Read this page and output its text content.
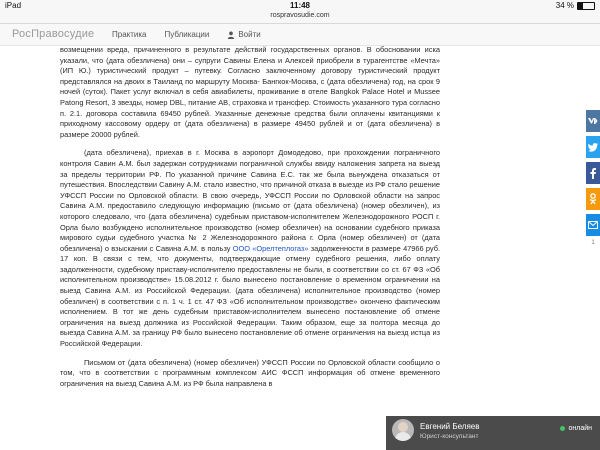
iPad	11:48	34 %
rospravosudie.com
РосПравосудие Практика Публикации	Войти

возмещении вреда, причиненного в результате действий государственных органов. В обосновании иска указали, что (дата обезличена) они – супруги Савины Елена и Алексей приобрели в турагентстве «Мечта» (ИП Ю.) туристический продукт – путевку. Согласно заключенному договору туристический продукт представлялся на двоих в Таиланд по маршруту Москва- Бангкок-Москва, с (дата обезличена) год, на срок 9 ночей (суток). Пакет услуг включал в себя авиабилеты, проживание в отеле Bangkok Palace Hotel и Mussee Patong Resort, 3 звезды, номер DBL, питание АВ, страховка и трансфер. Стоимость указанного тура согласно п. 2.1. договора составила 69450 рублей. Указанные денежные средства были оплачены квитанциями к приходному кассовому ордеру от (дата обезличена) в размере 49450 рублей и от (дата обезличена) в размере 20000 рублей.

(дата обезличена), приехав в г. Москва в аэропорт Домодедово, при прохождении пограничного контроля Савин А.М. был задержан сотрудниками пограничной службы ввиду наложения запрета на выезд за пределы территории РФ. По указанной причине Савина Е.С. так же была вынуждена отказаться от путешествия. Впоследствии Савину А.М. стало известно, что причиной отказа в выезде из РФ стало решение УФССП России по Орловской области. В свою очередь, УФССП России по Орловской области на запрос Савина А.М. предоставило следующую информацию (письмо от (дата обезличена) (номер обезличен), из которого следовало, что (дата обезличена) судебным приставом-исполнителем Железнодорожного РОСП г. Орла было возбуждено исполнительное производство (номер обезличен) на основании судебного приказа мирового судьи судебного участка № 2 Железнодорожного района г. Орла (номер обезличен) от (дата обезличена) о взыскании с Савина А.М. в пользу ООО «Орелтеплогаз» задолженности в размере 47966 руб. 17 коп. В связи с тем, что документы, подтверждающие отмену судебного решения, либо оплату задолженности, судебному приставу-исполнителю предоставлены не были, в соответствии со ст. 67 ФЗ «Об исполнительном производстве» 15.08.2012 г. было вынесено постановление о временном ограничении на выезд Савина А.М. из Российской Федерации. (дата обезличена) исполнительное производство (номер обезличен) в соответствии с п. 1 ч. 1 ст. 47 ФЗ «Об исполнительном производстве» окончено фактическим исполнением. В тот же день судебным приставом-исполнителем вынесено постановление об отмене ограничения на выезд должника из Российской Федерации. Таким образом, еще за полтора месяца до выезда Савина А.М. за границу РФ было вынесено постановление об отмене ограничения на выезд истца из Российской Федерации.

Письмом от (дата обезличена) (номер обезличен) УФССП России по Орловской области сообщило о том, что в соответствии с программным комплексом АИС ФССП информация об отмене временного ограничения на выезд Савина А.М. из РФ была направлена в

1
Евгений Беляев
Юрист-консультант
онлайн
